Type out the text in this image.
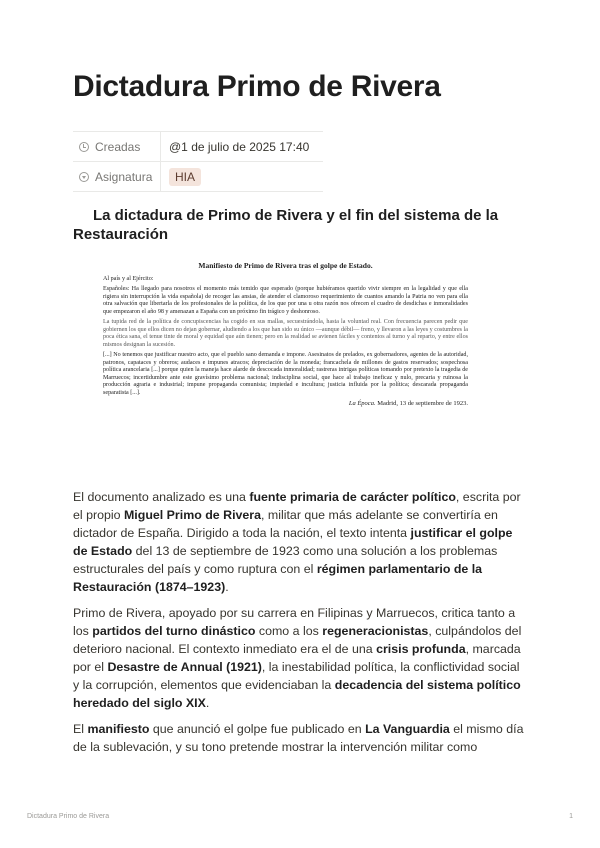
Dictadura Primo de Rivera
Creadas	@1 de julio de 2025 17:40
Asignatura	HIA
La dictadura de Primo de Rivera y el fin del sistema de la Restauración
Manifiesto de Primo de Rivera tras el golpe de Estado.

Al país y al Ejército:

Españoles: Ha llegado para nosotros el momento más temido que esperado (porque hubiéramos querido vivir siempre en la legalidad y que ella rigiera sin interrupción la vida española) de recoger las ansias, de atender el clamoroso requerimiento de cuantos amando la Patria no ven para ella otra salvación que libertarla de los profesionales de la política, de los que por una u otra razón nos ofrecen el cuadro de desdichas e inmoralidades que empezaron el año 98 y amenazan a España con un próximo fin trágico y deshonroso.

La tupida red de la política de concupiscencias ha cogido en sus mallas, secuestrándola, hasta la voluntad real. Con frecuencia parecen pedir que gobiernen los que ellos dicen no dejan gobernar, aludiendo a los que han sido su único —aunque débil— freno, y llevaron a las leyes y costumbres la poca ética sana, el tenue tinte de moral y equidad que aún tienen; pero en la realidad se avienen fáciles y contentos al turno y al reparto, y entre ellos mismos designan la sucesión.

[...] No tenemos que justificar nuestro acto, que el pueblo sano demanda e impone. Asesinatos de prelados, ex gobernadores, agentes de la autoridad, patronos, capataces y obreros; audaces e impunes atracos; depreciación de la moneda; francachela de millones de gastos reservados; sospechosa política arancelaria [...] porque quien la maneja hace alarde de descocada inmoralidad; rastreras intrigas políticas tomando por pretexto la tragedia de Marruecos; incertidumbre ante este gravísimo problema nacional; indisciplina social, que hace al trabajo ineficaz y nulo, precaria y ruinosa la producción agraria e industrial; impune propaganda comunista; impiedad e incultura; justicia influida por la política; descarada propaganda separatista [...].

La Época. Madrid, 13 de septiembre de 1923.

El documento analizado es una fuente primaria de carácter político, escrita por el propio Miguel Primo de Rivera, militar que más adelante se convertiría en dictador de España. Dirigido a toda la nación, el texto intenta justificar el golpe de Estado del 13 de septiembre de 1923 como una solución a los problemas estructurales del país y como ruptura con el régimen parlamentario de la Restauración (1874–1923).

Primo de Rivera, apoyado por su carrera en Filipinas y Marruecos, critica tanto a los partidos del turno dinástico como a los regeneracionistas, culpándolos del deterioro nacional. El contexto inmediato era el de una crisis profunda, marcada por el Desastre de Annual (1921), la inestabilidad política, la conflictividad social y la corrupción, elementos que evidenciaban la decadencia del sistema político heredado del siglo XIX.

El manifiesto que anunció el golpe fue publicado en La Vanguardia el mismo día de la sublevación, y su tono pretende mostrar la intervención militar como

Dictadura Primo de Rivera	1
